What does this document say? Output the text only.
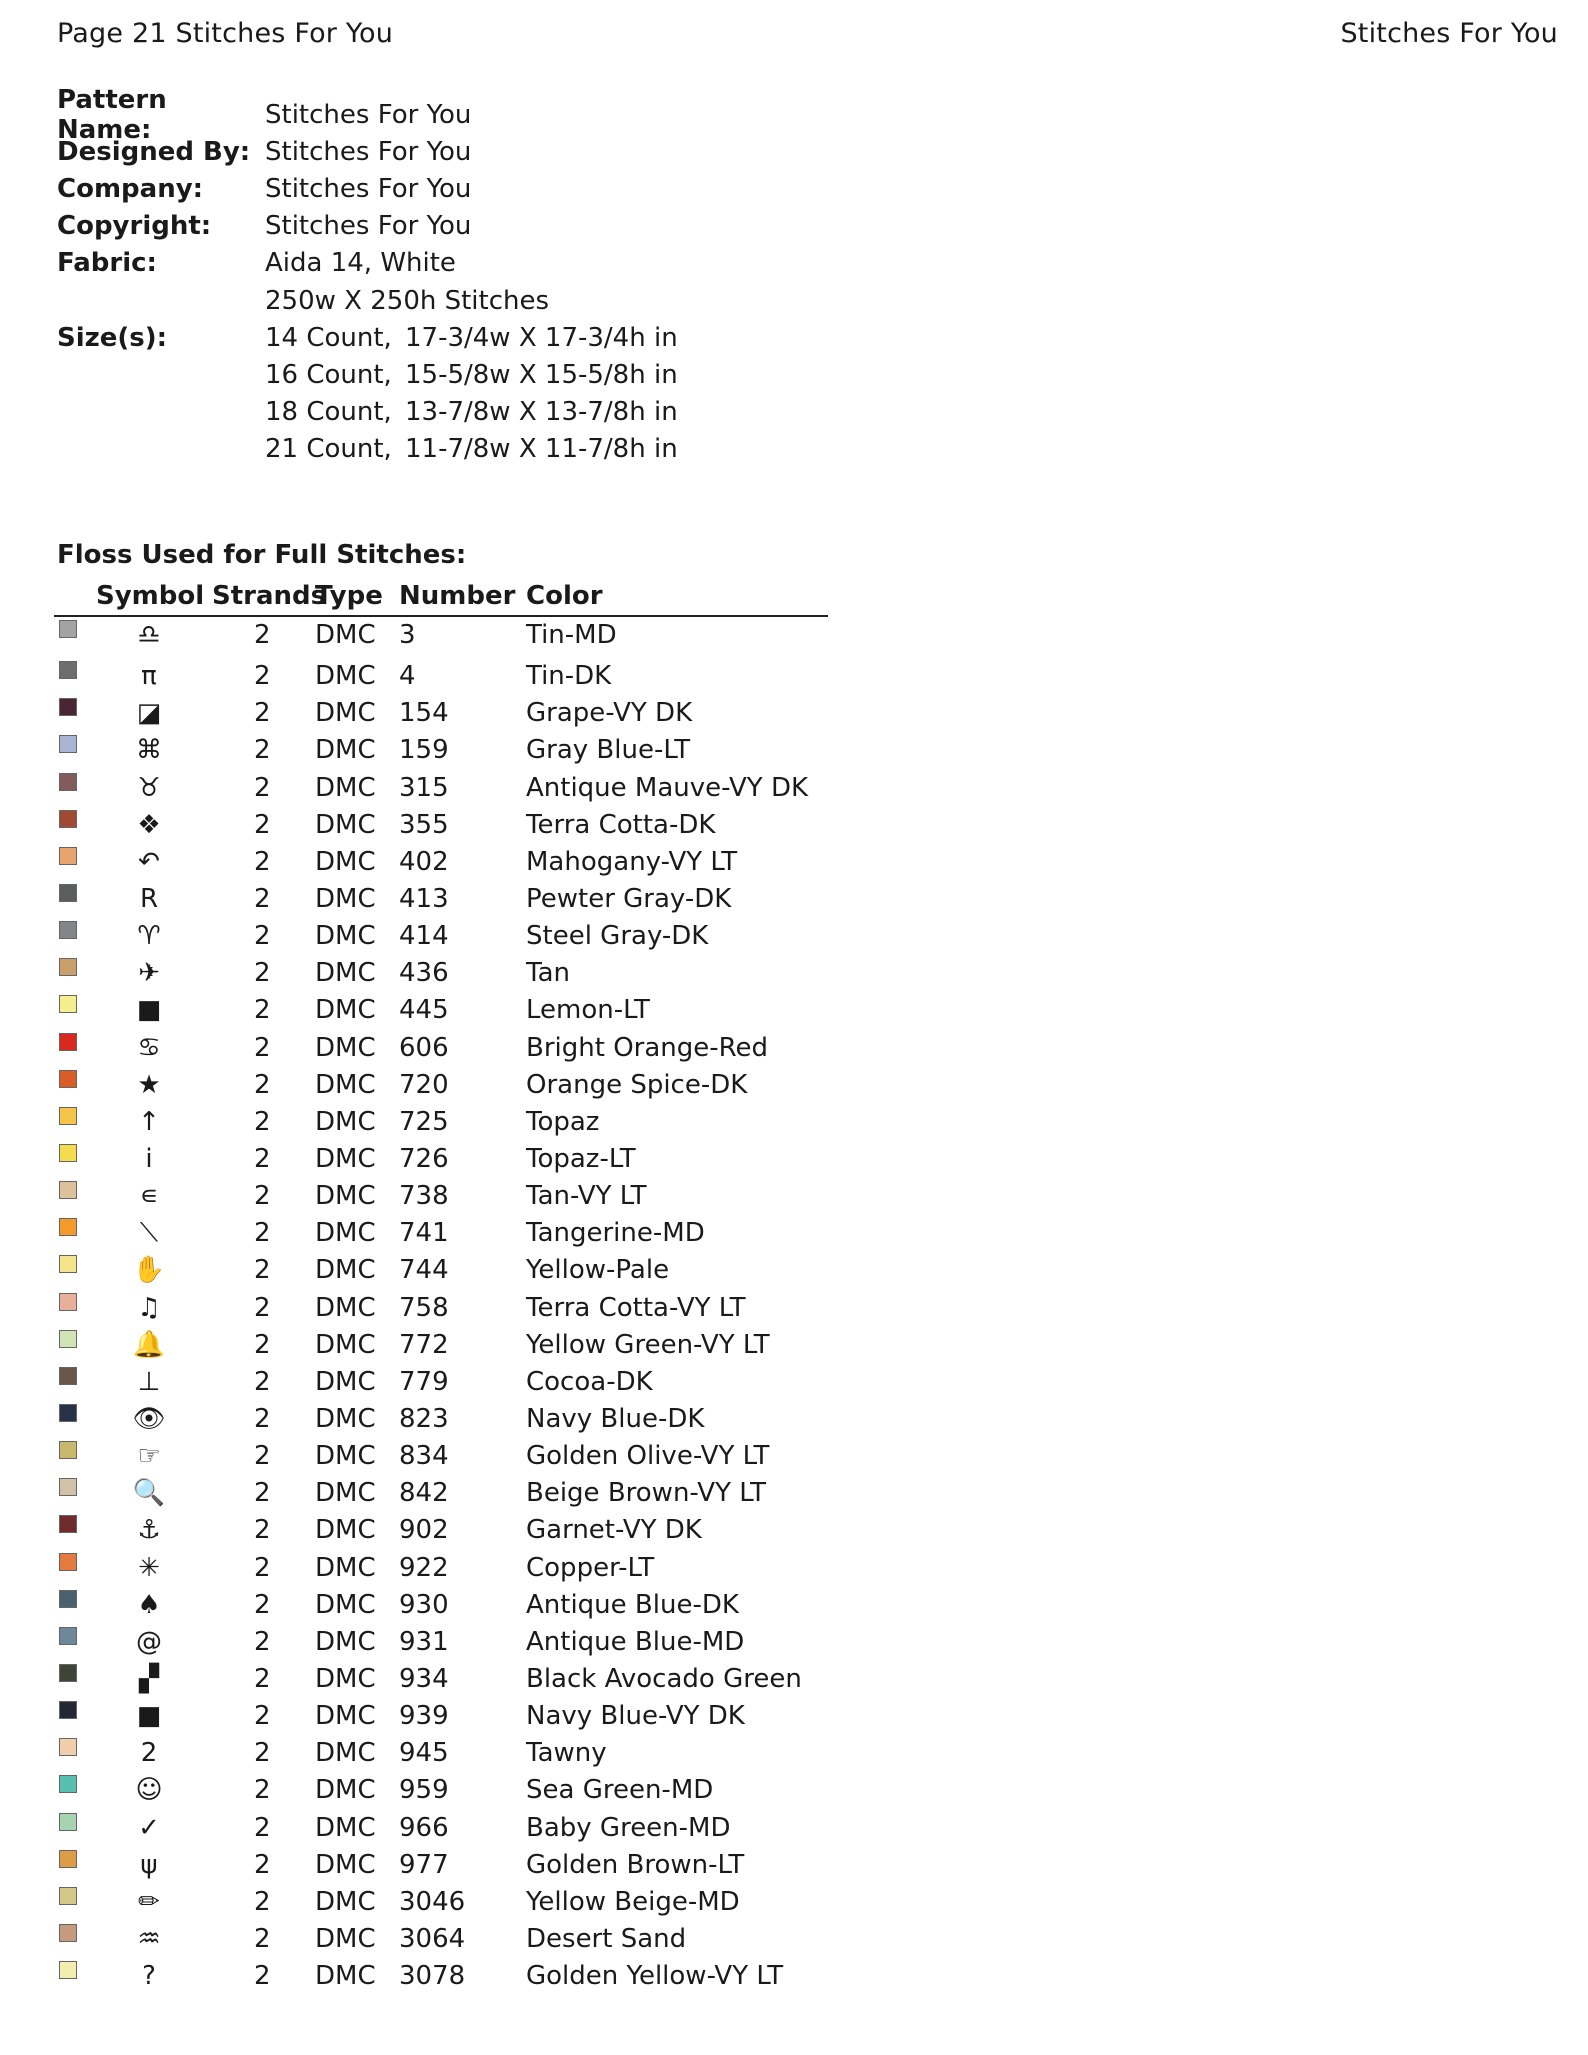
Page 21 Stitches For You	Stitches For You
Pattern Name:	Stitches For You
Designed By: Stitches For You
Company:	Stitches For You
Copyright:	Stitches For You
Fabric:	Aida 14, White
250w X 250h Stitches
Size(s):	14 Count, 17-3/4w X 17-3/4h in
16 Count, 15-5/8w X 15-5/8h in
18 Count, 13-7/8w X 13-7/8h in
21 Count, 11-7/8w X 11-7/8h in
Floss Used for Full Stitches:
Symbol Strands
Type Number Color
♎	2 DMC 3	Tin-MD
π	2 DMC 4	Tin-DK
◪	2 DMC 154	Grape-VY DK
⌘	2 DMC 159	Gray Blue-LT
♉	2 DMC 315	Antique Mauve-VY DK
❖	2 DMC 355	Terra Cotta-DK
↶	2 DMC 402	Mahogany-VY LT
R	2 DMC 413	Pewter Gray-DK
♈	2 DMC 414	Steel Gray-DK
✈	2 DMC 436	Tan
■	2 DMC 445	Lemon-LT
♋	2 DMC 606	Bright Orange-Red
★	2 DMC 720	Orange Spice-DK
↑	2 DMC 725	Topaz
i	2 DMC 726	Topaz-LT
∊	2 DMC 738	Tan-VY LT
⟍	2 DMC 741	Tangerine-MD
✋	2 DMC 744	Yellow-Pale
♫	2 DMC 758	Terra Cotta-VY LT
🔔	2 DMC 772	Yellow Green-VY LT
⊥	2 DMC 779	Cocoa-DK
👁	2 DMC 823	Navy Blue-DK
☞	2 DMC 834	Golden Olive-VY LT
🔍	2 DMC 842	Beige Brown-VY LT
⚓	2 DMC 902	Garnet-VY DK
✳	2 DMC 922	Copper-LT
♠	2 DMC 930	Antique Blue-DK
@	2 DMC 931	Antique Blue-MD
▞	2 DMC 934	Black Avocado Green
■	2 DMC 939	Navy Blue-VY DK
2	2 DMC 945	Tawny
☺	2 DMC 959	Sea Green-MD
✓	2 DMC 966	Baby Green-MD
ψ	2 DMC 977	Golden Brown-LT
✏	2 DMC 3046 Yellow Beige-MD
♒	2 DMC 3064 Desert Sand
?	2 DMC 3078 Golden Yellow-VY LT
